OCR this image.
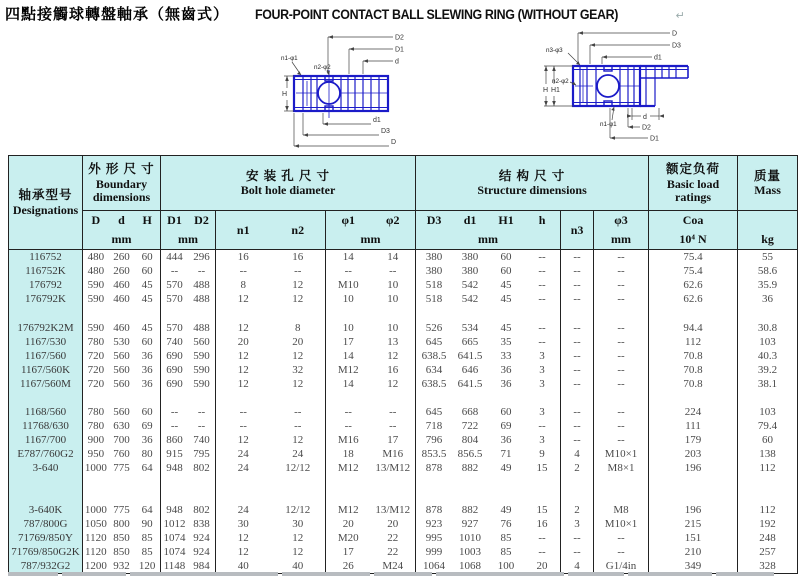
四點接觸球轉盤軸承（無齒式） FOUR-POINT CONTACT BALL SLEWING RING (WITHOUT GEAR)	↵
D2
D1
d
d1
D3
D
H
n1-φ1
n2-φ2
D
D3
d1
d
D2
D1
H H1
n3-φ3
n2-φ2
n1-φ1
轴承型号
Designations

外 形 尺 寸
Boundary dimensions

安 装 孔 尺 寸
Bolt hole diameter

结 构 尺 寸
Structure dimensions

额定负荷
Basic load ratings

质量
Mass

D	d	H
mm

D1	D2
mm

n1	n2

φ1	φ2
mm

D3	d1	H1	h
mm
	n3	
φ3
mm

Coa
10⁴ N	kg

116752	480 260 60	444 296	16 16	14 14	380 380 60 --	--	--	75.4	55
116752K	480 260 60	-- --	-- --	-- --	380 380 60 --	--	--	75.4	58.6
176792	590 460 45	570 488	8 12	M10 10	518 542 45 --	--	--	62.6	35.9
176792K	590 460 45	570 488	12 12	10 10	518 542 45 --	--	--	62.6	36

176792K2M	590 460 45	570 488	12 8	10 10	526 534 45 --	--	--	94.4	30.8
1167/530	780 530 60	740 560	20 20	17 13	645 665 35 --	--	--	112	103
1167/560	720 560 36	690 590	12 12	14 12	638.5 641.5 33 3	--	--	70.8	40.3
1167/560K	720 560 36	690 590	12 32	M12 16	634 646 36 3	--	--	70.8	39.2
1167/560M	720 560 36	690 590	12 12	14 12	638.5 641.5 36 3	--	--	70.8	38.1

1168/560	780 560 60	-- --	-- --	-- --	645 668 60 3	--	--	224	103
11768/630	780 630 69	-- --	-- --	-- --	718 722 69 --	--	--	111	79.4
1167/700	900 700 36	860 740	12 12	M16 17	796 804 36 3	--	--	179	60
E787/760G2	950 760 80	915 795	24 24	18 M16	853.5 856.5 71 9	4	M10×1	203	138
3-640	1000 775 64	948 802	24 12/12	M12 13/M12	878 882 49 15	2	M8×1	196	112

3-640K	1000 775 64	948 802	24 12/12	M12 13/M12	878 882 49 15	2	M8	196	112
787/800G	1050 800 90	1012 838	30 30	20 20	923 927 76 16	3	M10×1	215	192
71769/850Y	1120 850 85	1074 924	12 12	M20 22	995 1010 85 --	--	--	151	248
71769/850G2K	1120 850 85	1074 924	12 12	17 22	999 1003 85 --	--	--	210	257
787/932G2	1200 932 120	1148 984	40 40	26 M24	1064 1068 100 20	4	G1/4in	349	328
